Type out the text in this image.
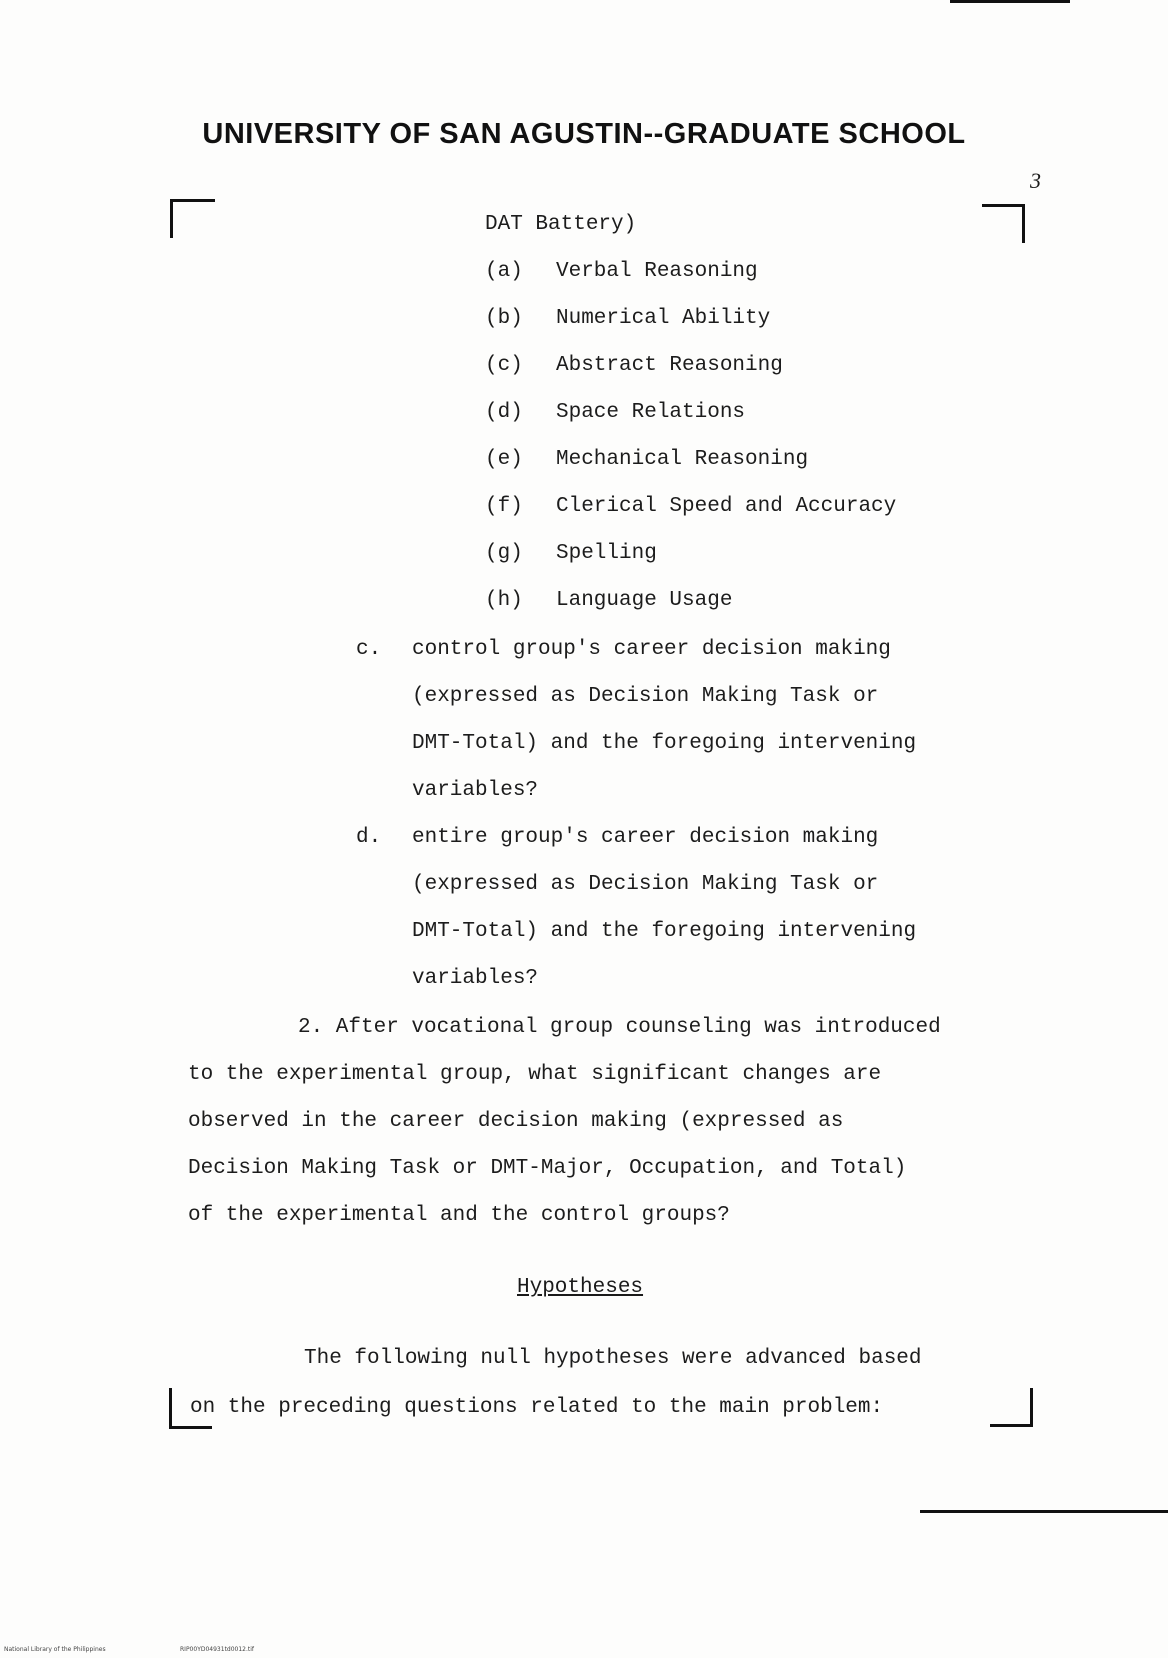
UNIVERSITY OF SAN AGUSTIN--GRADUATE SCHOOL
3
DAT Battery)
(a) Verbal Reasoning
(b) Numerical Ability
(c) Abstract Reasoning
(d) Space Relations
(e) Mechanical Reasoning
(f) Clerical Speed and Accuracy
(g) Spelling
(h) Language Usage
c. control group's career decision making
(expressed as Decision Making Task or
DMT-Total) and the foregoing intervening
variables?
d. entire group's career decision making
(expressed as Decision Making Task or
DMT-Total) and the foregoing intervening
variables?
2. After vocational group counseling was introduced
to the experimental group, what significant changes are
observed in the career decision making (expressed as
Decision Making Task or DMT-Major, Occupation, and Total)
of the experimental and the control groups?
Hypotheses
The following null hypotheses were advanced based
on the preceding questions related to the main problem:
National Library of the Philippines	RIP00YD04931td0012.tif
